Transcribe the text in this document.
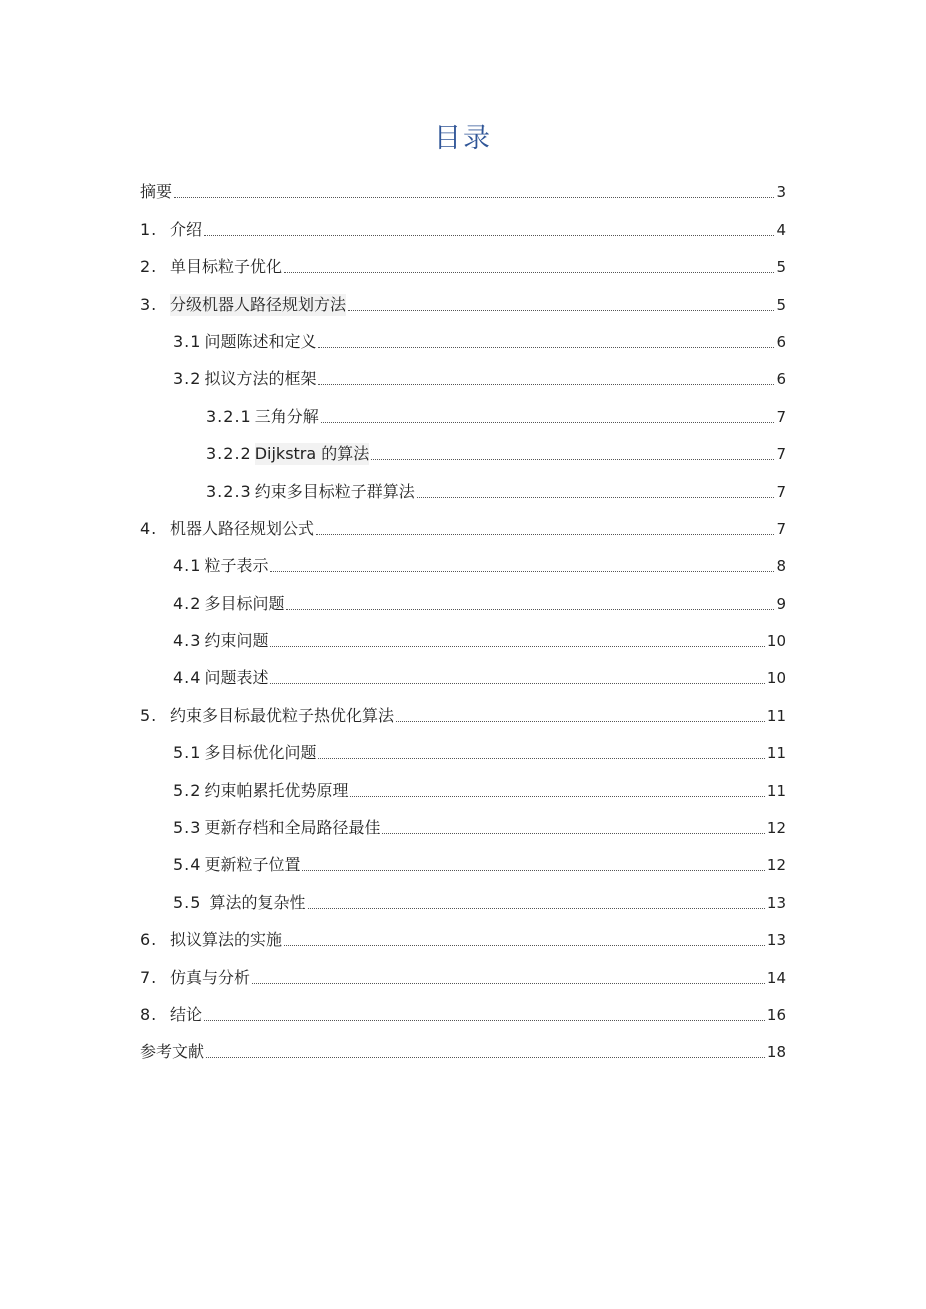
目录
摘要	3
1. 介绍	4
2. 单目标粒子优化	5
3. 分级机器人路径规划方法	5
3.1 问题陈述和定义	6
3.2 拟议方法的框架	6
3.2.1 三角分解	7
3.2.2 Dijkstra 的算法	7
3.2.3 约束多目标粒子群算法	7
4. 机器人路径规划公式	7
4.1 粒子表示	8
4.2 多目标问题	9
4.3 约束问题	10
4.4 问题表述	10
5. 约束多目标最优粒子热优化算法	11
5.1 多目标优化问题	11
5.2 约束帕累托优势原理	11
5.3 更新存档和全局路径最佳	12
5.4 更新粒子位置	12
5.5 算法的复杂性	13
6. 拟议算法的实施	13
7. 仿真与分析	14
8. 结论	16
参考文献	18
